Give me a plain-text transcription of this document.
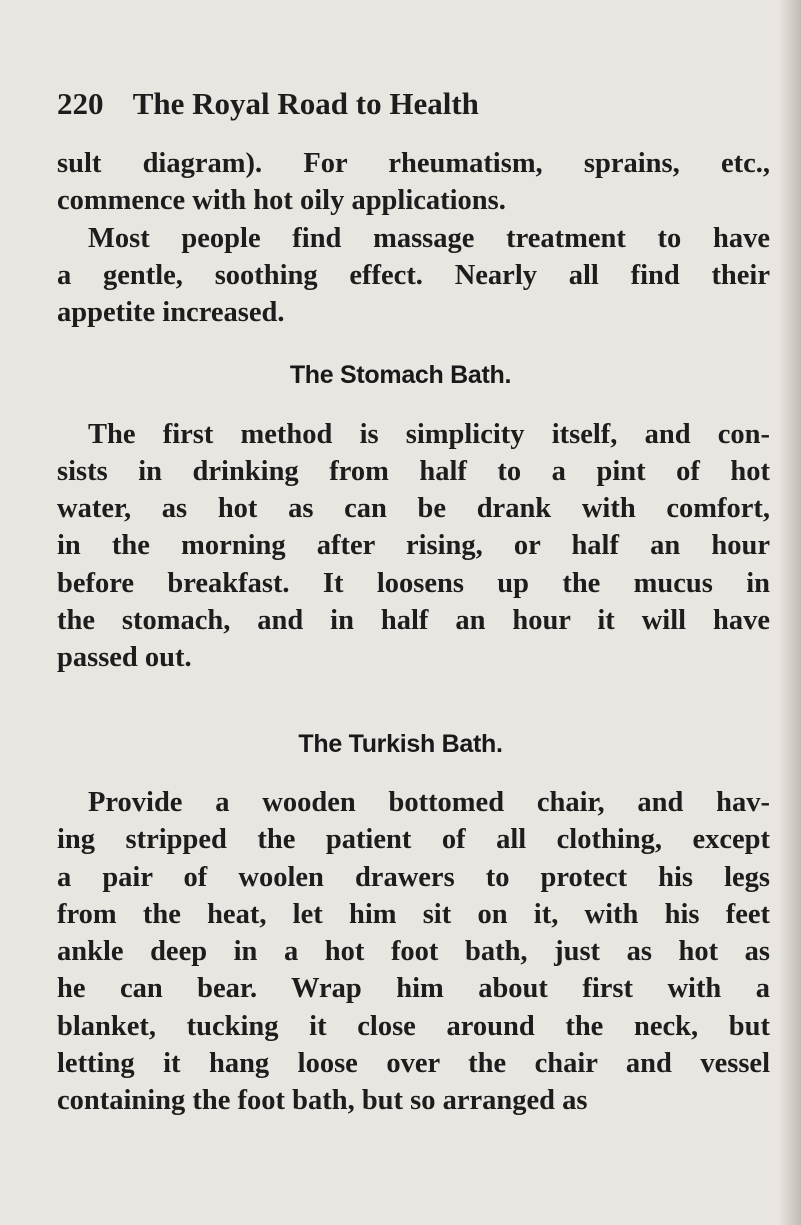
220 The Royal Road to Health
sult diagram). For rheumatism, sprains, etc.,
commence with hot oily applications.
Most people find massage treatment to have
a gentle, soothing effect. Nearly all find their
appetite increased.
The Stomach Bath.
The first method is simplicity itself, and con-
sists in drinking from half to a pint of hot
water, as hot as can be drank with comfort,
in the morning after rising, or half an hour
before breakfast. It loosens up the mucus in
the stomach, and in half an hour it will have
passed out.
The Turkish Bath.
Provide a wooden bottomed chair, and hav-
ing stripped the patient of all clothing, except
a pair of woolen drawers to protect his legs
from the heat, let him sit on it, with his feet
ankle deep in a hot foot bath, just as hot as
he can bear. Wrap him about first with a
blanket, tucking it close around the neck, but
letting it hang loose over the chair and vessel
containing the foot bath, but so arranged as
